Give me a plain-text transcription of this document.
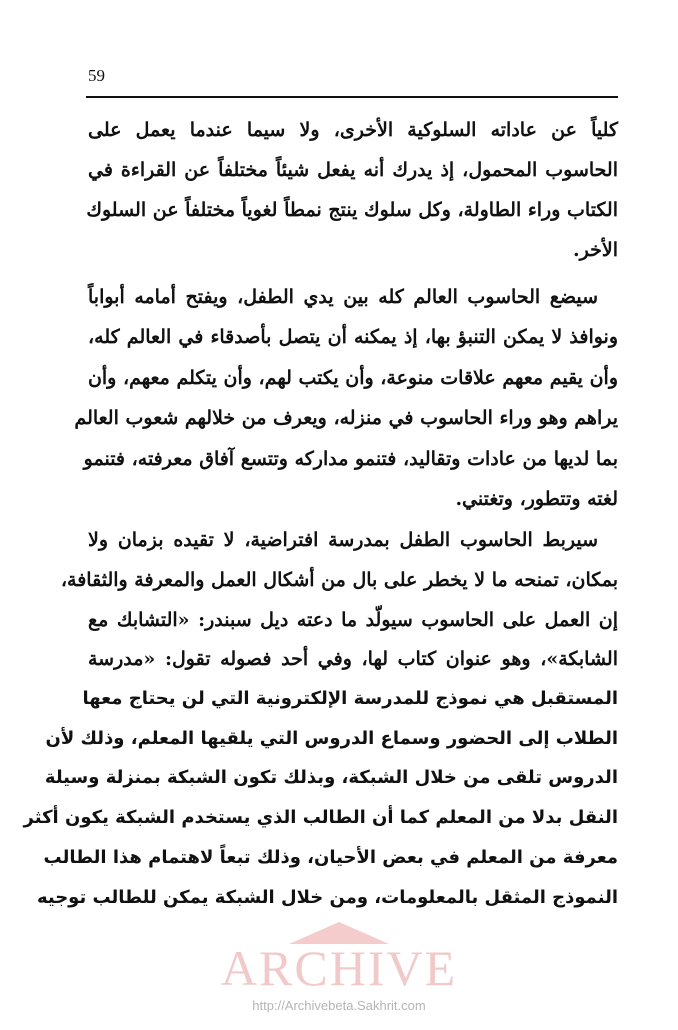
59
كلياً عن عاداته السلوكية الأخرى، ولا سيما عندما يعمل على
الحاسوب المحمول، إذ يدرك أنه يفعل شيئاً مختلفاً عن القراءة في
الكتاب وراء الطاولة، وكل سلوك ينتج نمطاً لغوياً مختلفاً عن السلوك
الأخر.
سيضع الحاسوب العالم كله بين يدي الطفل، ويفتح أمامه أبواباً
ونوافذ لا يمكن التنبؤ بها، إذ يمكنه أن يتصل بأصدقاء في العالم كله،
وأن يقيم معهم علاقات منوعة، وأن يكتب لهم، وأن يتكلم معهم، وأن
يراهم وهو وراء الحاسوب في منزله، ويعرف من خلالهم شعوب العالم
بما لديها من عادات وتقاليد، فتنمو مداركه وتتسع آفاق معرفته، فتنمو
لغته وتتطور، وتغتني.
سيربط الحاسوب الطفل بمدرسة افتراضية، لا تقيده بزمان ولا
بمكان، تمنحه ما لا يخطر على بال من أشكال العمل والمعرفة والثقافة،
إن العمل على الحاسوب سيولّد ما دعته ديل سبندر: «التشابك مع
الشابكة»، وهو عنوان كتاب لها، وفي أحد فصوله تقول: «مدرسة
المستقبل هي نموذج للمدرسة الإلكترونية التي لن يحتاج معها
الطلاب إلى الحضور وسماع الدروس التي يلقيها المعلم، وذلك لأن
الدروس تلقى من خلال الشبكة، وبذلك تكون الشبكة بمنزلة وسيلة
النقل بدلا من المعلم كما أن الطالب الذي يستخدم الشبكة يكون أكثر
معرفة من المعلم في بعض الأحيان، وذلك تبعاً لاهتمام هذا الطالب
النموذج المثقل بالمعلومات، ومن خلال الشبكة يمكن للطالب توجيه
ARCHIVE
http://Archivebeta.Sakhrit.com
